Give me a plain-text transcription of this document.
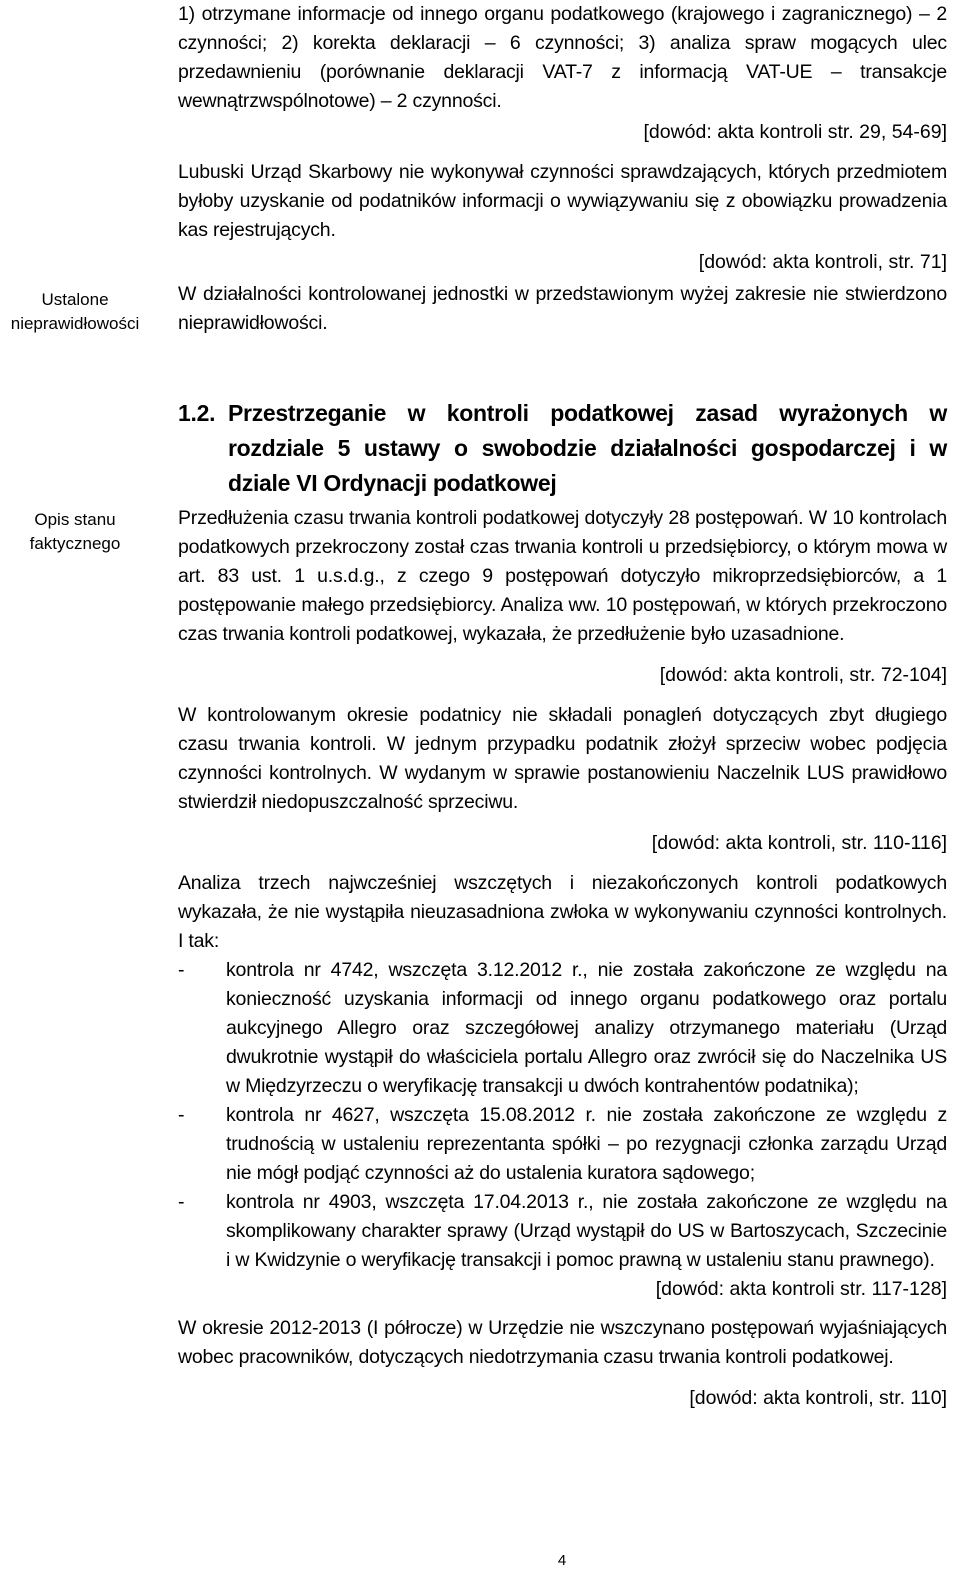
Ustalone
nieprawidłowości
Opis stanu
faktycznego

1) otrzymane informacje od innego organu podatkowego (krajowego i zagranicznego) – 2 czynności; 2) korekta deklaracji – 6 czynności; 3) analiza spraw mogących ulec przedawnieniu (porównanie deklaracji VAT-7 z informacją VAT-UE – transakcje wewnątrzwspólnotowe) – 2 czynności.

[dowód: akta kontroli str. 29, 54-69]

Lubuski Urząd Skarbowy nie wykonywał czynności sprawdzających, których przedmiotem byłoby uzyskanie od podatników informacji o wywiązywaniu się z obowiązku prowadzenia kas rejestrujących.

[dowód: akta kontroli, str. 71]

W działalności kontrolowanej jednostki w przedstawionym wyżej zakresie nie stwierdzono nieprawidłowości.

1.2. Przestrzeganie w kontroli podatkowej zasad wyrażonych w rozdziale 5 ustawy o swobodzie działalności gospodarczej i w dziale VI Ordynacji podatkowej

Przedłużenia czasu trwania kontroli podatkowej dotyczyły 28 postępowań. W 10 kontrolach podatkowych przekroczony został czas trwania kontroli u przedsiębiorcy, o którym mowa w art. 83 ust. 1 u.s.d.g., z czego 9 postępowań dotyczyło mikroprzedsiębiorców, a 1 postępowanie małego przedsiębiorcy. Analiza ww. 10 postępowań, w których przekroczono czas trwania kontroli podatkowej, wykazała, że przedłużenie było uzasadnione.

[dowód: akta kontroli, str. 72-104]

W kontrolowanym okresie podatnicy nie składali ponagleń dotyczących zbyt długiego czasu trwania kontroli. W jednym przypadku podatnik złożył sprzeciw wobec podjęcia czynności kontrolnych. W wydanym w sprawie postanowieniu Naczelnik LUS prawidłowo stwierdził niedopuszczalność sprzeciwu.

[dowód: akta kontroli, str. 110-116]

Analiza trzech najwcześniej wszczętych i niezakończonych kontroli podatkowych wykazała, że nie wystąpiła nieuzasadniona zwłoka w wykonywaniu czynności kontrolnych. I tak:

- kontrola nr 4742, wszczęta 3.12.2012 r., nie została zakończone ze względu na konieczność uzyskania informacji od innego organu podatkowego oraz portalu aukcyjnego Allegro oraz szczegółowej analizy otrzymanego materiału (Urząd dwukrotnie wystąpił do właściciela portalu Allegro oraz zwrócił się do Naczelnika US w Międzyrzeczu o weryfikację transakcji u dwóch kontrahentów podatnika);
- kontrola nr 4627, wszczęta 15.08.2012 r. nie została zakończone ze względu z trudnością w ustaleniu reprezentanta spółki – po rezygnacji członka zarządu Urząd nie mógł podjąć czynności aż do ustalenia kuratora sądowego;
- kontrola nr 4903, wszczęta 17.04.2013 r., nie została zakończone ze względu na skomplikowany charakter sprawy (Urząd wystąpił do US w Bartoszycach, Szczecinie i w Kwidzynie o weryfikację transakcji i pomoc prawną w ustaleniu stanu prawnego).

[dowód: akta kontroli str. 117-128]

W okresie 2012-2013 (I półrocze) w Urzędzie nie wszczynano postępowań wyjaśniających wobec pracowników, dotyczących niedotrzymania czasu trwania kontroli podatkowej.

[dowód: akta kontroli, str. 110]

4
